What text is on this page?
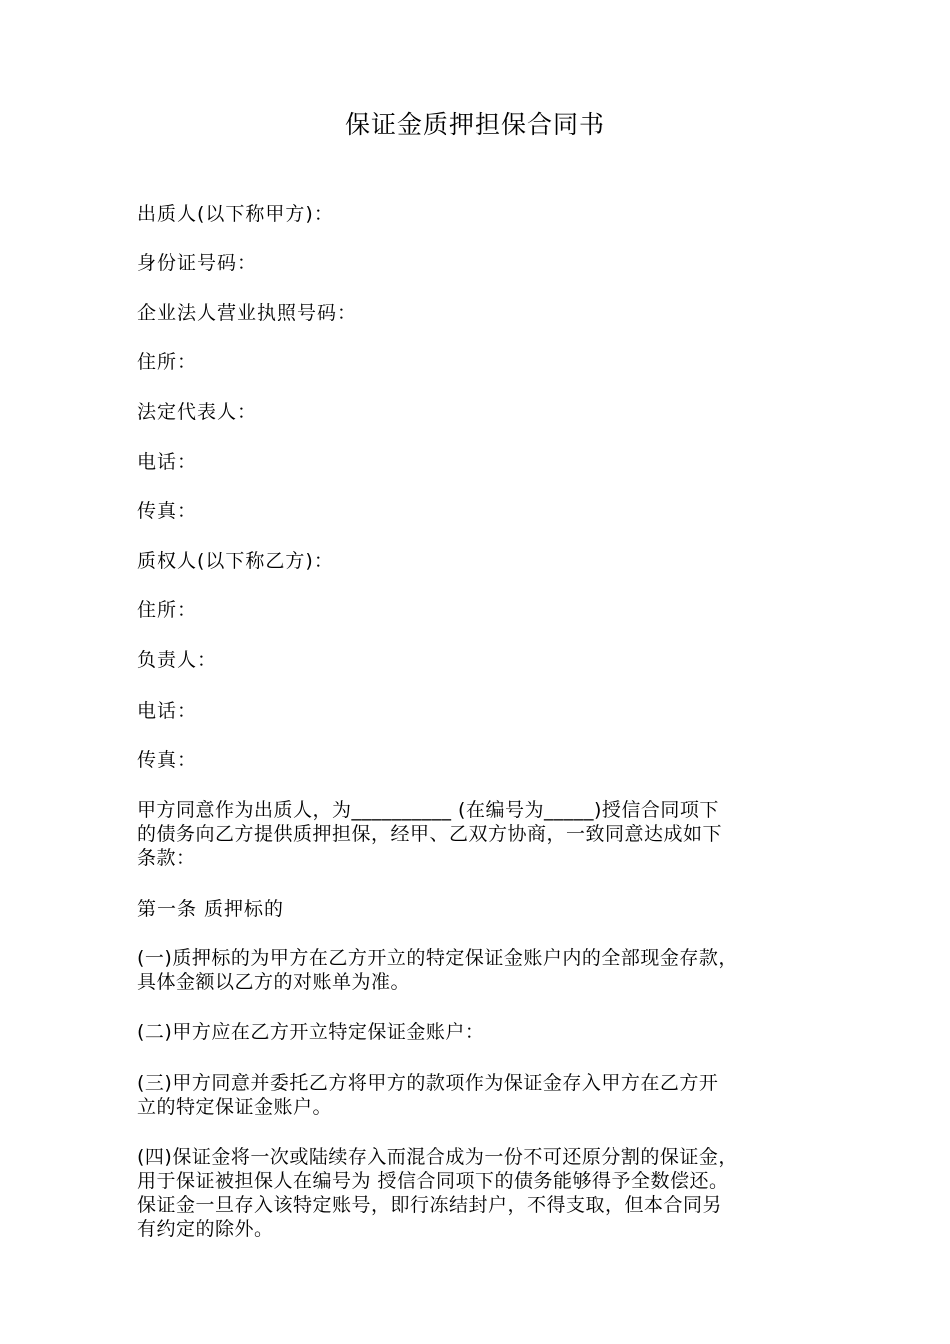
保证金质押担保合同书
出质人(以下称甲方)：
身份证号码：
企业法人营业执照号码：
住所：
法定代表人：
电话：
传真：
质权人(以下称乙方)：
住所：
负责人：
电话：
传真：
甲方同意作为出质人，为__________ (在编号为_____)授信合同项下
的债务向乙方提供质押担保，经甲、乙双方协商，一致同意达成如下
条款：
第一条 质押标的
(一)质押标的为甲方在乙方开立的特定保证金账户内的全部现金存款，
具体金额以乙方的对账单为准。
(二)甲方应在乙方开立特定保证金账户：
(三)甲方同意并委托乙方将甲方的款项作为保证金存入甲方在乙方开
立的特定保证金账户。
(四)保证金将一次或陆续存入而混合成为一份不可还原分割的保证金，
用于保证被担保人在编号为 授信合同项下的债务能够得予全数偿还。
保证金一旦存入该特定账号，即行冻结封户，不得支取，但本合同另
有约定的除外。
